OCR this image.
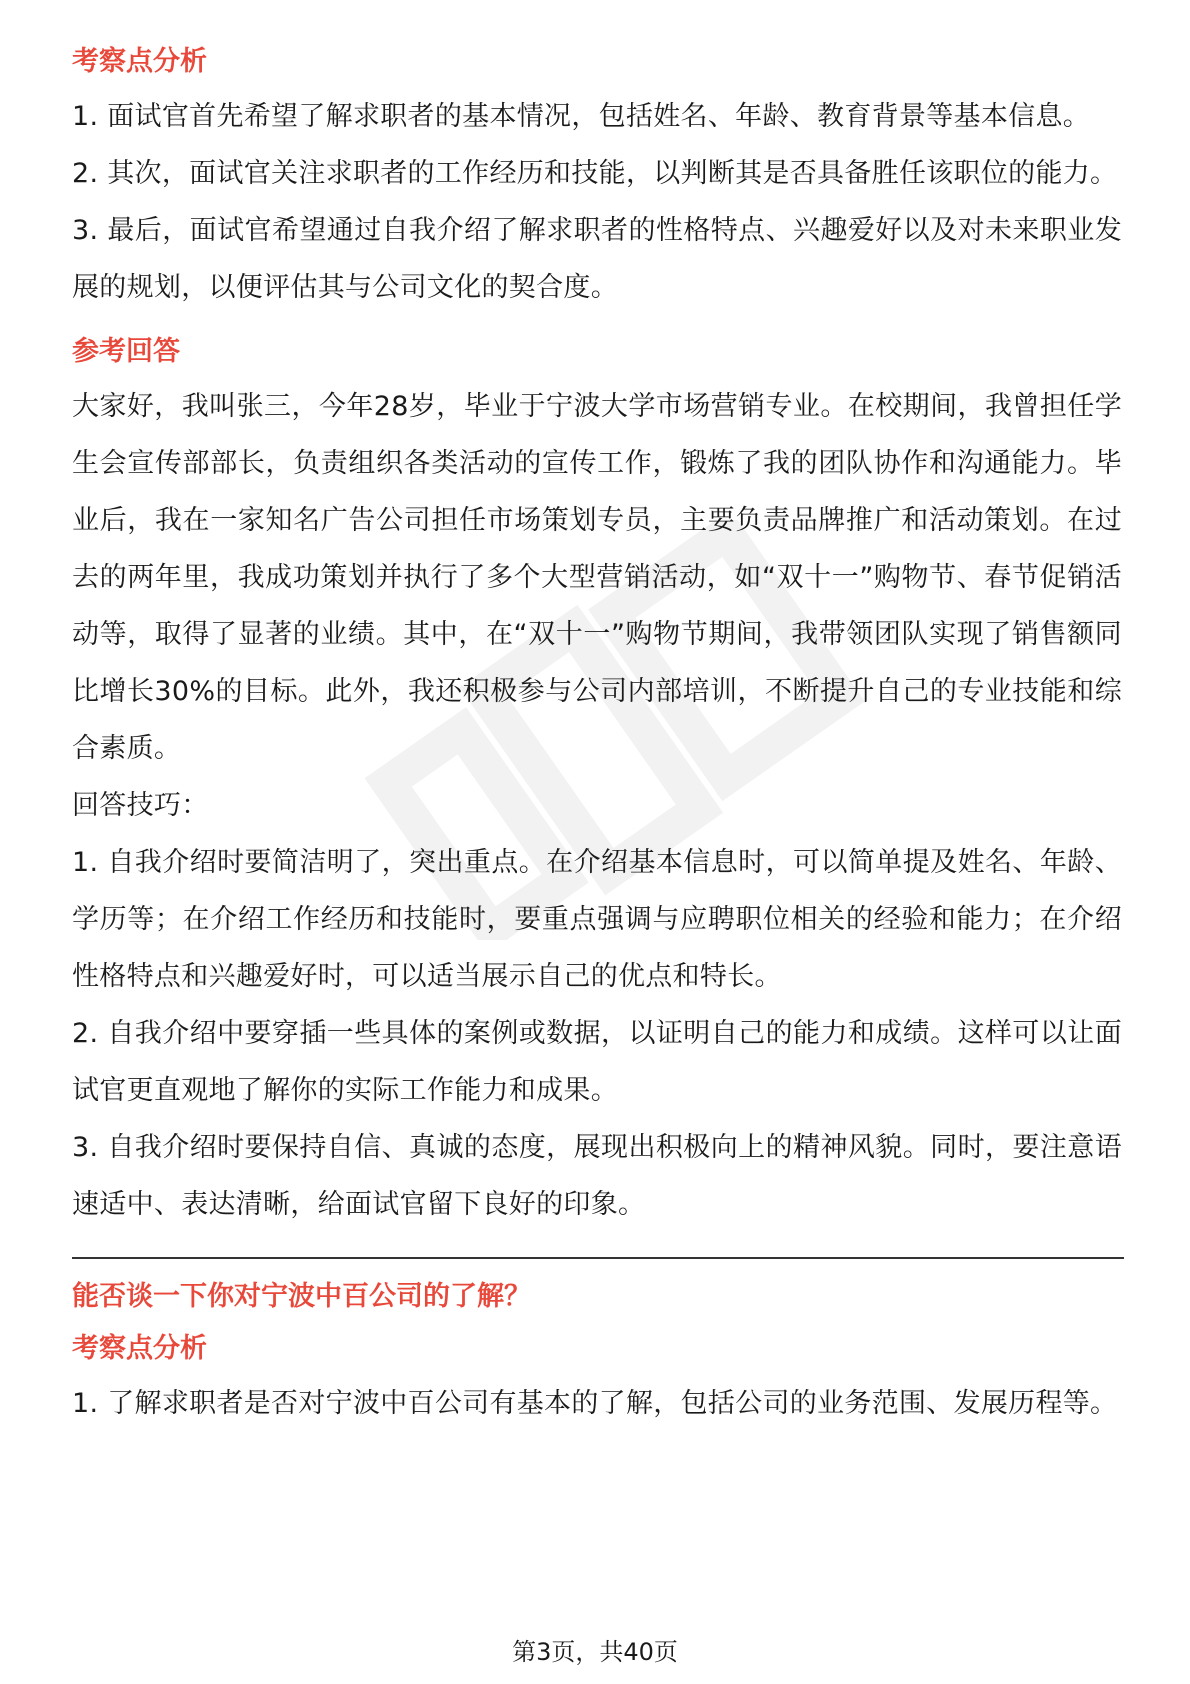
考察点分析

1. 面试官首先希望了解求职者的基本情况，包括姓名、年龄、教育背景等基本信息。

2. 其次，面试官关注求职者的工作经历和技能，以判断其是否具备胜任该职位的能力。

3. 最后，面试官希望通过自我介绍了解求职者的性格特点、兴趣爱好以及对未来职业发展的规划，以便评估其与公司文化的契合度。

参考回答

大家好，我叫张三，今年28岁，毕业于宁波大学市场营销专业。在校期间，我曾担任学生会宣传部部长，负责组织各类活动的宣传工作，锻炼了我的团队协作和沟通能力。毕业后，我在一家知名广告公司担任市场策划专员，主要负责品牌推广和活动策划。在过去的两年里，我成功策划并执行了多个大型营销活动，如“双十一”购物节、春节促销活动等，取得了显著的业绩。其中，在“双十一”购物节期间，我带领团队实现了销售额同比增长30%的目标。此外，我还积极参与公司内部培训，不断提升自己的专业技能和综合素质。

回答技巧：

1. 自我介绍时要简洁明了，突出重点。在介绍基本信息时，可以简单提及姓名、年龄、学历等；在介绍工作经历和技能时，要重点强调与应聘职位相关的经验和能力；在介绍性格特点和兴趣爱好时，可以适当展示自己的优点和特长。

2. 自我介绍中要穿插一些具体的案例或数据，以证明自己的能力和成绩。这样可以让面试官更直观地了解你的实际工作能力和成果。

3. 自我介绍时要保持自信、真诚的态度，展现出积极向上的精神风貌。同时，要注意语速适中、表达清晰，给面试官留下良好的印象。

能否谈一下你对宁波中百公司的了解？
考察点分析

1. 了解求职者是否对宁波中百公司有基本的了解，包括公司的业务范围、发展历程等。

第3页，共40页
